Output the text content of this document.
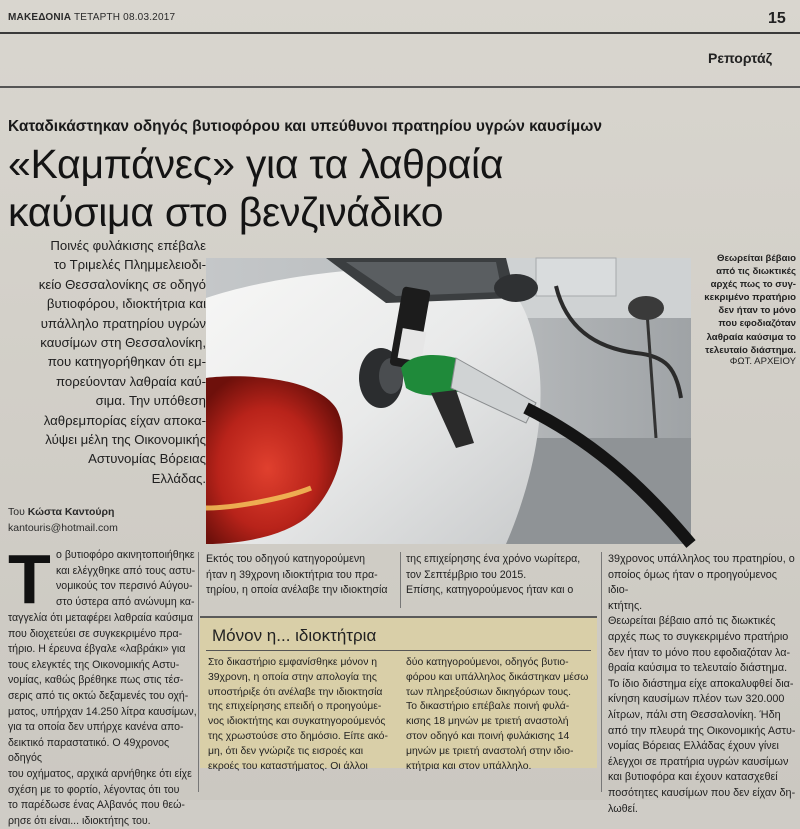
ΜΑΚΕΔΟΝΙΑ ΤΕΤΑΡΤΗ 08.03.2017	15
Ρεπορτάζ
Καταδικάστηκαν οδηγός βυτιοφόρου και υπεύθυνοι πρατηρίου υγρών καυσίμων
«Καμπάνες» για τα λαθραία
καύσιμα στο βενζινάδικο
Ποινές φυλάκισης επέβαλε
το Τριμελές Πλημμελειοδι-
κείο Θεσσαλονίκης σε οδηγό
βυτιοφόρου, ιδιοκτήτρια και
υπάλληλο πρατηρίου υγρών
καυσίμων στη Θεσσαλονίκη,
που κατηγορήθηκαν ότι εμ-
πορεύονταν λαθραία καύ-
σιμα. Την υπόθεση
λαθρεμπορίας είχαν αποκα-
λύψει μέλη της Οικονομικής
Αστυνομίας Βόρειας
Ελλάδας.
Του Κώστα Καντούρη
kantouris@hotmail.com
Θεωρείται βέβαιο
από τις διωκτικές
αρχές πως το συγ-
κεκριμένο πρατήριο
δεν ήταν το μόνο
που εφοδιαζόταν
λαθραία καύσιμα το
τελευταίο διάστημα.
ΦΩΤ. ΑΡΧΕΙΟΥ
Τ ο βυτιοφόρο ακινητοποιήθηκε
και ελέγχθηκε από τους αστυ-
νομικούς τον περσινό Αύγου-
στο ύστερα από ανώνυμη κα-
ταγγελία ότι μεταφέρει λαθραία καύσιμα
που διοχετεύει σε συγκεκριμένο πρα-
τήριο. Η έρευνα έβγαλε «λαβράκι» για
τους ελεγκτές της Οικονομικής Αστυ-
νομίας, καθώς βρέθηκε πως στις τέσ-
σερις από τις οκτώ δεξαμενές του οχή-
ματος, υπήρχαν 14.250 λίτρα καυσίμων,
για τα οποία δεν υπήρχε κανένα απο-
δεικτικό παραστατικό. Ο 49χρονος οδηγός
του οχήματος, αρχικά αρνήθηκε ότι είχε
σχέση με το φορτίο, λέγοντας ότι του
το παρέδωσε ένας Αλβανός που θεώ-
ρησε ότι είναι... ιδιοκτήτης του.
Εκτός του οδηγού κατηγορούμενη
ήταν η 39χρονη ιδιοκτήτρια του πρα-
τηρίου, η οποία ανέλαβε την ιδιοκτησία
της επιχείρησης ένα χρόνο νωρίτερα,
τον Σεπτέμβριο του 2015.
Επίσης, κατηγορούμενος ήταν και ο
39χρονος υπάλληλος του πρατηρίου, ο
οποίος όμως ήταν ο προηγούμενος ιδιο-
κτήτης.
Θεωρείται βέβαιο από τις διωκτικές
αρχές πως το συγκεκριμένο πρατήριο
δεν ήταν το μόνο που εφοδιαζόταν λα-
θραία καύσιμα το τελευταίο διάστημα.
Το ίδιο διάστημα είχε αποκαλυφθεί δια-
κίνηση καυσίμων πλέον των 320.000
λίτρων, πάλι στη Θεσσαλονίκη. Ήδη
από την πλευρά της Οικονομικής Αστυ-
νομίας Βόρειας Ελλάδας έχουν γίνει
έλεγχοι σε πρατήρια υγρών καυσίμων
και βυτιοφόρα και έχουν κατασχεθεί
ποσότητες καυσίμων που δεν είχαν δη-
λωθεί.
Μόνον η... ιδιοκτήτρια
Στο δικαστήριο εμφανίσθηκε μόνον η
39χρονη, η οποία στην απολογία της
υποστήριξε ότι ανέλαβε την ιδιοκτησία
της επιχείρησης επειδή ο προηγούμε-
νος ιδιοκτήτης και συγκατηγορούμενός
της χρωστούσε στο δημόσιο. Είπε ακό-
μη, ότι δεν γνώριζε τις εισροές και
εκροές του καταστήματος. Οι άλλοι
δύο κατηγορούμενοι, οδηγός βυτιο-
φόρου και υπάλληλος δικάστηκαν μέσω
των πληρεξούσιων δικηγόρων τους.
Το δικαστήριο επέβαλε ποινή φυλά-
κισης 18 μηνών με τριετή αναστολή
στον οδηγό και ποινή φυλάκισης 14
μηνών με τριετή αναστολή στην ιδιο-
κτήτρια και στον υπάλληλο.
